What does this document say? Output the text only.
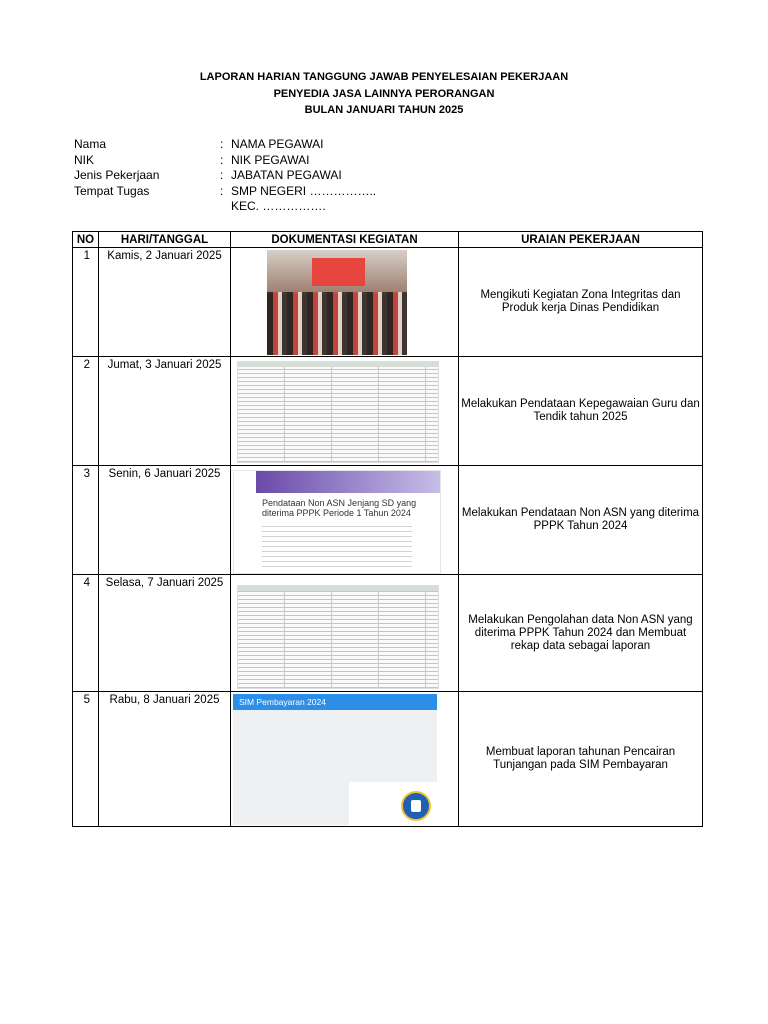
LAPORAN HARIAN TANGGUNG JAWAB PENYELESAIAN PEKERJAAN
PENYEDIA JASA LAINNYA PERORANGAN
BULAN JANUARI TAHUN 2025
Nama	: NAMA PEGAWAI
NIK	: NIK PEGAWAI
Jenis Pekerjaan	: JABATAN PEGAWAI
Tempat Tugas	: SMP NEGERI ……………..
KEC. …………….
NO	HARI/TANGGAL	DOKUMENTASI KEGIATAN	URAIAN PEKERJAAN
1	Kamis, 2 Januari 2025		Mengikuti Kegiatan Zona Integritas dan Produk kerja Dinas Pendidikan
2	Jumat, 3 Januari 2025		Melakukan Pendataan Kepegawaian Guru dan Tendik tahun 2025
3	Senin, 6 Januari 2025	Pendataan Non ASN Jenjang SD yang diterima PPPK Periode 1 Tahun 2024	Melakukan Pendataan Non ASN yang diterima PPPK Tahun 2024
4	Selasa, 7 Januari 2025		Melakukan Pengolahan data Non ASN yang diterima PPPK Tahun 2024 dan Membuat rekap data sebagai laporan
5	Rabu, 8 Januari 2025	SIM Pembayaran 2024	Membuat laporan tahunan Pencairan Tunjangan pada SIM Pembayaran
